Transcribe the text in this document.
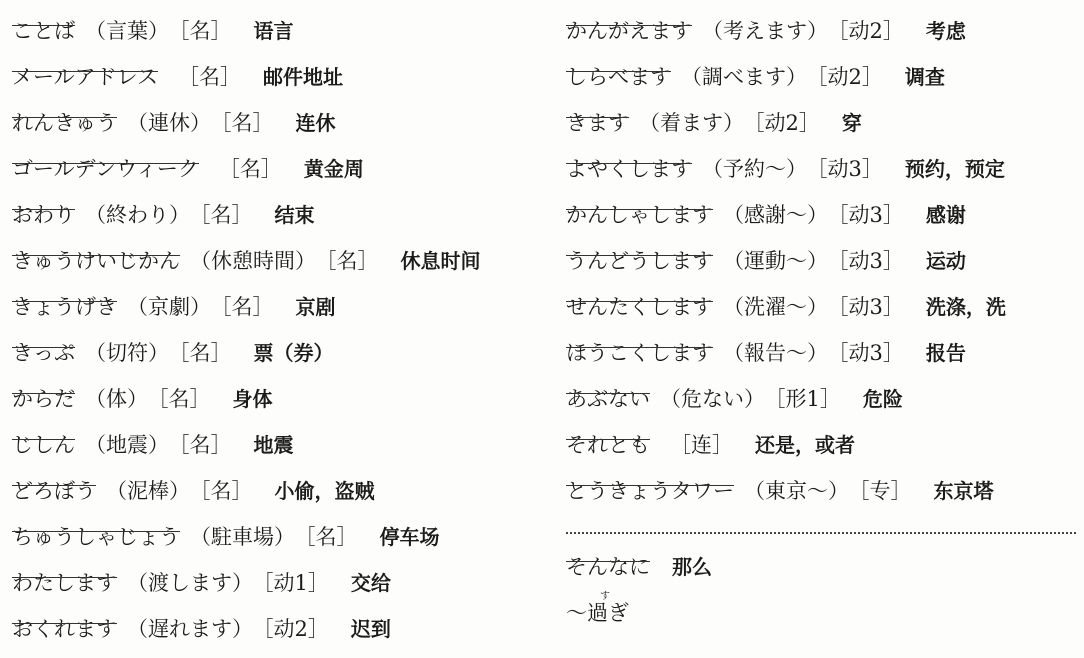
ことば （言葉） ［名］ 语言
メールアドレス ［名］ 邮件地址
れんきゅう （連休） ［名］ 连休
ゴールデンウィーク ［名］ 黄金周
おわり （終わり） ［名］ 结束
きゅうけいじかん （休憩時間） ［名］ 休息时间
きょうげき （京劇） ［名］ 京剧
きっぷ （切符） ［名］ 票（券）
からだ （体） ［名］ 身体
じしん （地震） ［名］ 地震
どろぼう （泥棒） ［名］ 小偷，盗贼
ちゅうしゃじょう （駐車場） ［名］ 停车场
わたします （渡します） ［动1］ 交给
おくれます （遅れます） ［动2］ 迟到
かんがえます （考えます） ［动2］ 考虑
しらべます （調べます） ［动2］ 调查
きます （着ます） ［动2］ 穿
よやくします （予約～） ［动3］ 预约，预定
かんしゃします （感謝～） ［动3］ 感谢
うんどうします （運動～） ［动3］ 运动
せんたくします （洗濯～） ［动3］ 洗涤，洗
ほうこくします （報告～） ［动3］ 报告
あぶない （危ない） ［形1］ 危险
それとも ［连］ 还是，或者
とうきょうタワー （東京～） ［专］ 东京塔
そんなに 那么
す
～過ぎ
